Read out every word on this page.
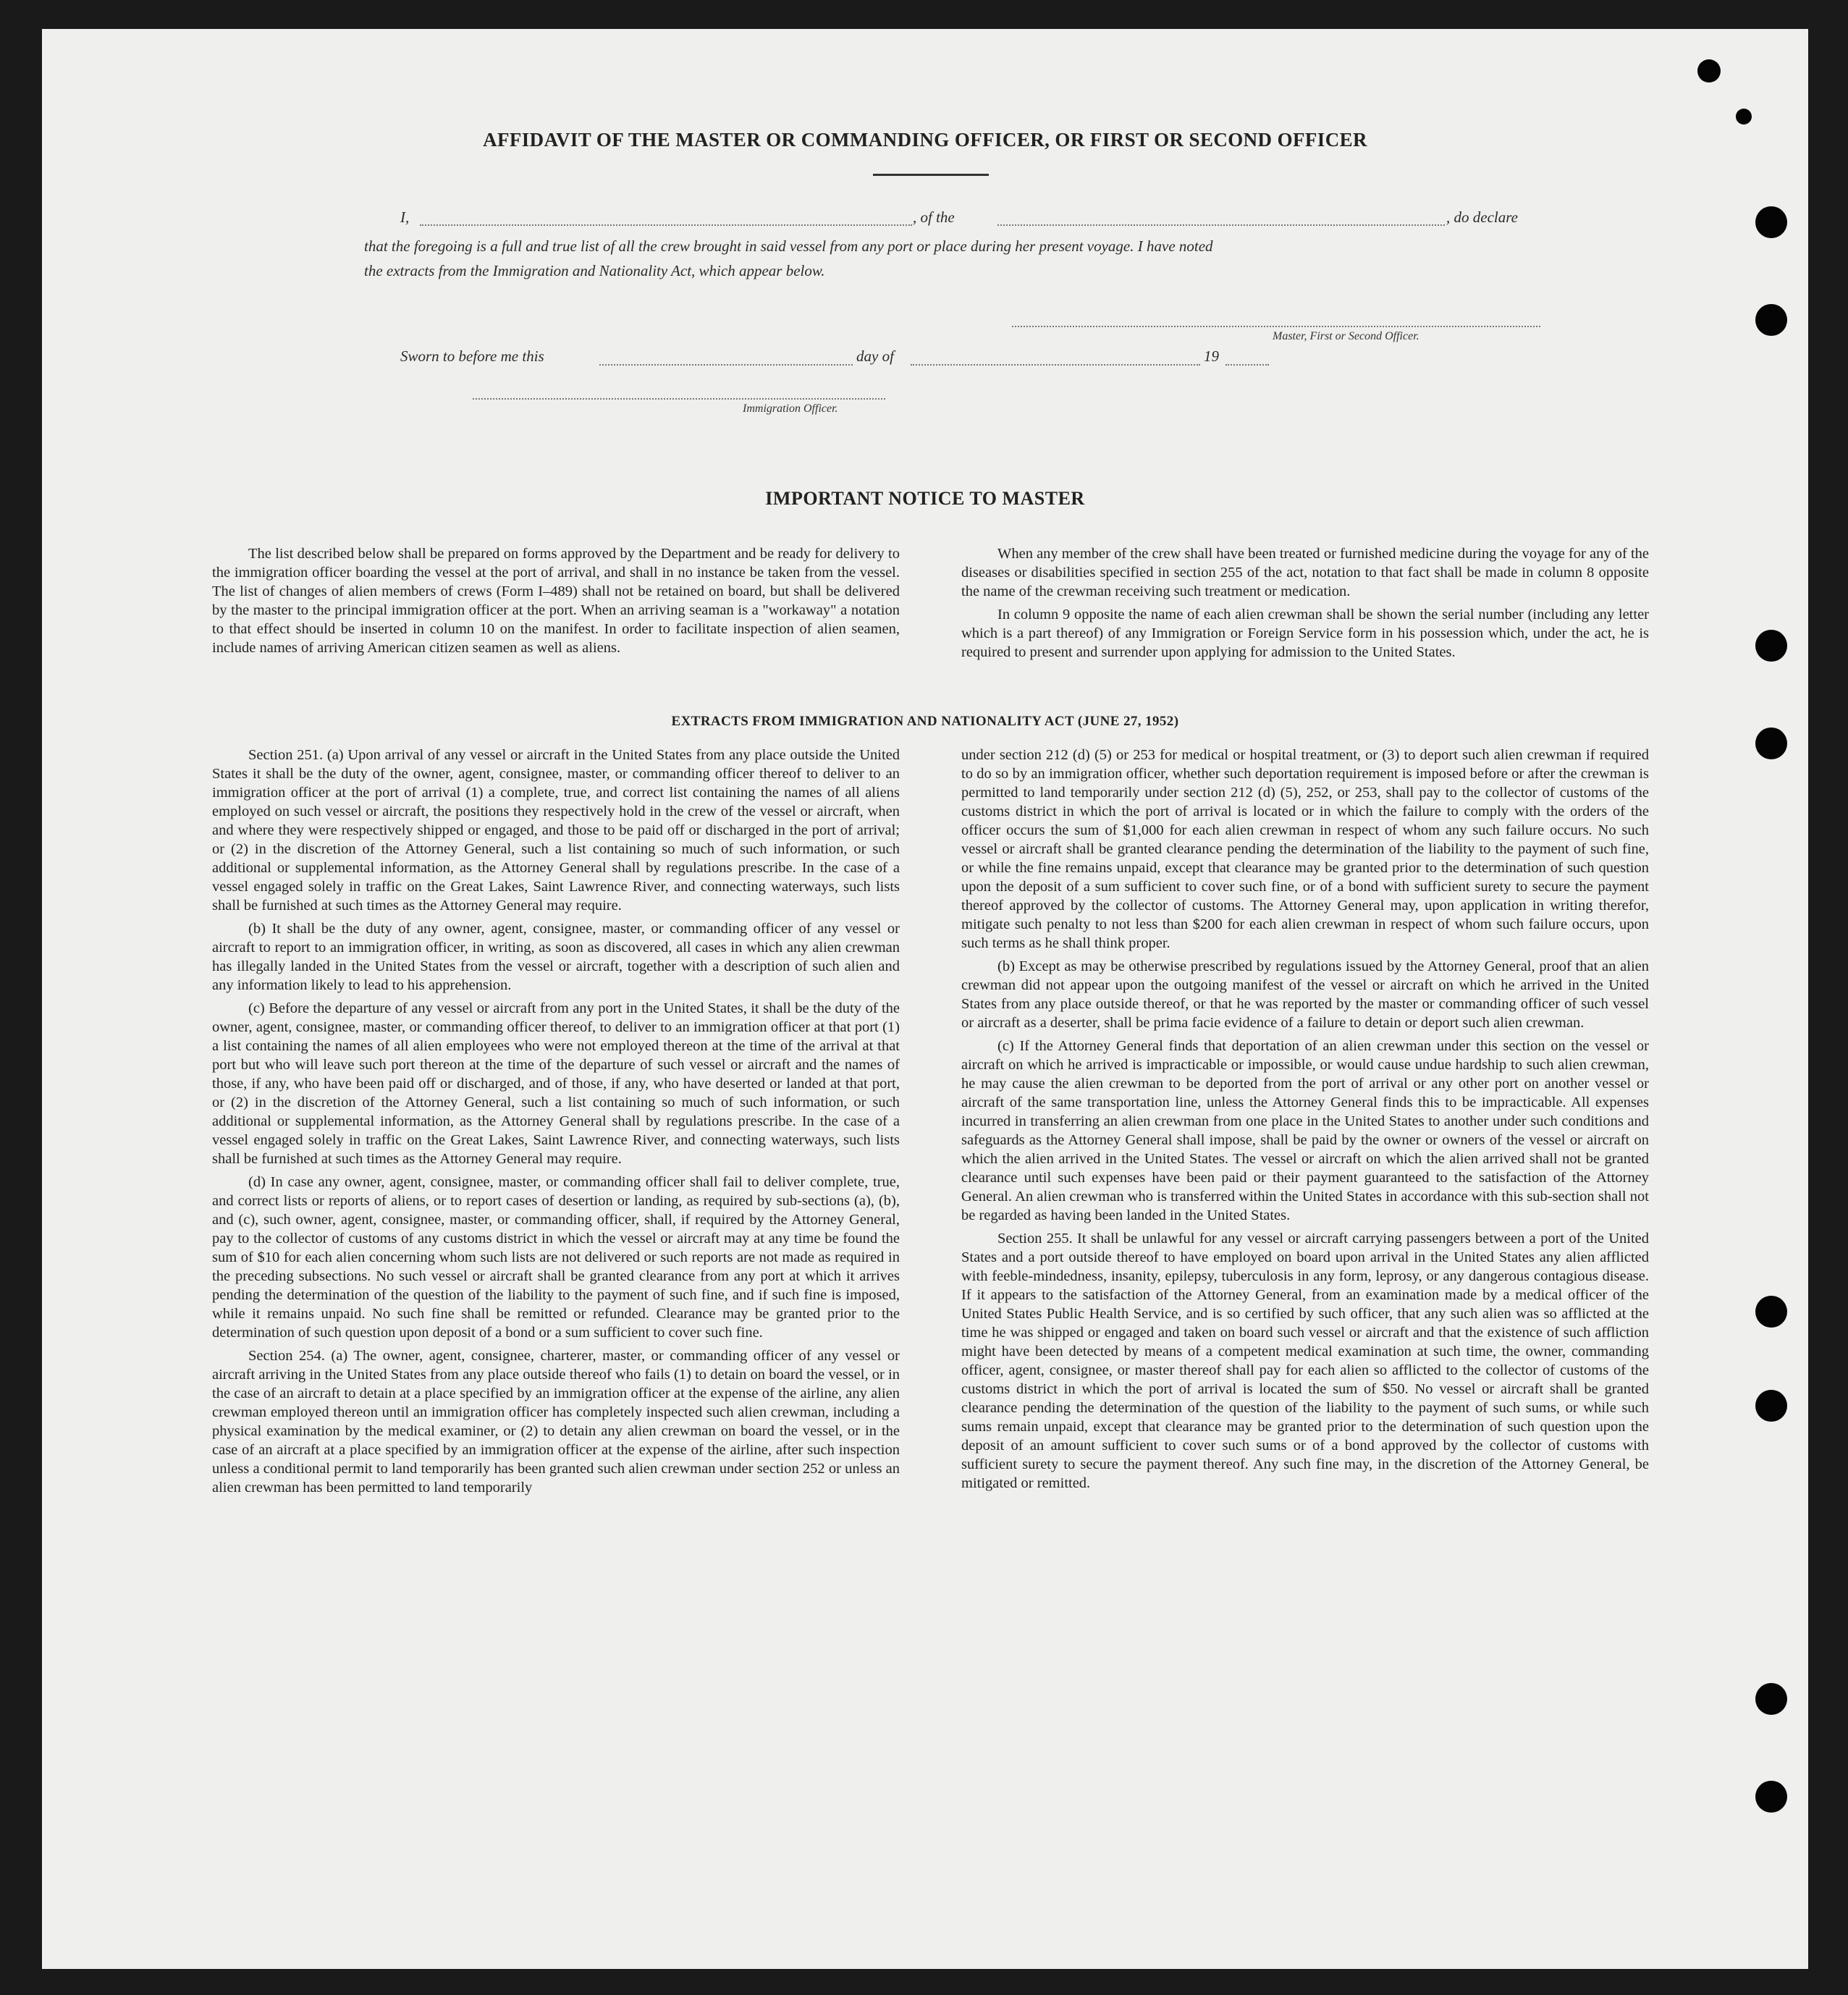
AFFIDAVIT OF THE MASTER OR COMMANDING OFFICER, OR FIRST OR SECOND OFFICER
I,	, of the	, do declare
that the foregoing is a full and true list of all the crew brought in said vessel from any port or place during her present voyage. I have noted
the extracts from the Immigration and Nationality Act, which appear below.
Master, First or Second Officer.
Sworn to before me this	day of	19
Immigration Officer.
IMPORTANT NOTICE TO MASTER

The list described below shall be prepared on forms approved by the Department and be ready for delivery to the immigration officer boarding the vessel at the port of arrival, and shall in no instance be taken from the vessel. The list of changes of alien members of crews (Form I–489) shall not be retained on board, but shall be delivered by the master to the principal immigration officer at the port. When an arriving seaman is a "workaway" a notation to that effect should be inserted in column 10 on the manifest. In order to facilitate inspection of alien seamen, include names of arriving American citizen seamen as well as aliens.

When any member of the crew shall have been treated or furnished medicine during the voyage for any of the diseases or disabilities specified in section 255 of the act, notation to that fact shall be made in column 8 opposite the name of the crewman receiving such treatment or medication.

In column 9 opposite the name of each alien crewman shall be shown the serial number (including any letter which is a part thereof) of any Immigration or Foreign Service form in his possession which, under the act, he is required to present and surrender upon applying for admission to the United States.

EXTRACTS FROM IMMIGRATION AND NATIONALITY ACT (JUNE 27, 1952)

Section 251. (a) Upon arrival of any vessel or aircraft in the United States from any place outside the United States it shall be the duty of the owner, agent, consignee, master, or commanding officer thereof to deliver to an immigration officer at the port of arrival (1) a complete, true, and correct list containing the names of all aliens employed on such vessel or aircraft, the positions they respectively hold in the crew of the vessel or aircraft, when and where they were respectively shipped or engaged, and those to be paid off or discharged in the port of arrival; or (2) in the discretion of the Attorney General, such a list containing so much of such information, or such additional or supplemental information, as the Attorney General shall by regulations prescribe. In the case of a vessel engaged solely in traffic on the Great Lakes, Saint Lawrence River, and connecting waterways, such lists shall be furnished at such times as the Attorney General may require.

(b) It shall be the duty of any owner, agent, consignee, master, or commanding officer of any vessel or aircraft to report to an immigration officer, in writing, as soon as discovered, all cases in which any alien crewman has illegally landed in the United States from the vessel or aircraft, together with a description of such alien and any information likely to lead to his apprehension.

(c) Before the departure of any vessel or aircraft from any port in the United States, it shall be the duty of the owner, agent, consignee, master, or commanding officer thereof, to deliver to an immigration officer at that port (1) a list containing the names of all alien employees who were not employed thereon at the time of the arrival at that port but who will leave such port thereon at the time of the departure of such vessel or aircraft and the names of those, if any, who have been paid off or discharged, and of those, if any, who have deserted or landed at that port, or (2) in the discretion of the Attorney General, such a list containing so much of such information, or such additional or supplemental information, as the Attorney General shall by regulations prescribe. In the case of a vessel engaged solely in traffic on the Great Lakes, Saint Lawrence River, and connecting waterways, such lists shall be furnished at such times as the Attorney General may require.

(d) In case any owner, agent, consignee, master, or commanding officer shall fail to deliver complete, true, and correct lists or reports of aliens, or to report cases of desertion or landing, as required by sub-sections (a), (b), and (c), such owner, agent, consignee, master, or commanding officer, shall, if required by the Attorney General, pay to the collector of customs of any customs district in which the vessel or aircraft may at any time be found the sum of $10 for each alien concerning whom such lists are not delivered or such reports are not made as required in the preceding subsections. No such vessel or aircraft shall be granted clearance from any port at which it arrives pending the determination of the question of the liability to the payment of such fine, and if such fine is imposed, while it remains unpaid. No such fine shall be remitted or refunded. Clearance may be granted prior to the determination of such question upon deposit of a bond or a sum sufficient to cover such fine.

Section 254. (a) The owner, agent, consignee, charterer, master, or commanding officer of any vessel or aircraft arriving in the United States from any place outside thereof who fails (1) to detain on board the vessel, or in the case of an aircraft to detain at a place specified by an immigration officer at the expense of the airline, any alien crewman employed thereon until an immigration officer has completely inspected such alien crewman, including a physical examination by the medical examiner, or (2) to detain any alien crewman on board the vessel, or in the case of an aircraft at a place specified by an immigration officer at the expense of the airline, after such inspection unless a conditional permit to land temporarily has been granted such alien crewman under section 252 or unless an alien crewman has been permitted to land temporarily

under section 212 (d) (5) or 253 for medical or hospital treatment, or (3) to deport such alien crewman if required to do so by an immigration officer, whether such deportation requirement is imposed before or after the crewman is permitted to land temporarily under section 212 (d) (5), 252, or 253, shall pay to the collector of customs of the customs district in which the port of arrival is located or in which the failure to comply with the orders of the officer occurs the sum of $1,000 for each alien crewman in respect of whom any such failure occurs. No such vessel or aircraft shall be granted clearance pending the determination of the liability to the payment of such fine, or while the fine remains unpaid, except that clearance may be granted prior to the determination of such question upon the deposit of a sum sufficient to cover such fine, or of a bond with sufficient surety to secure the payment thereof approved by the collector of customs. The Attorney General may, upon application in writing therefor, mitigate such penalty to not less than $200 for each alien crewman in respect of whom such failure occurs, upon such terms as he shall think proper.

(b) Except as may be otherwise prescribed by regulations issued by the Attorney General, proof that an alien crewman did not appear upon the outgoing manifest of the vessel or aircraft on which he arrived in the United States from any place outside thereof, or that he was reported by the master or commanding officer of such vessel or aircraft as a deserter, shall be prima facie evidence of a failure to detain or deport such alien crewman.

(c) If the Attorney General finds that deportation of an alien crewman under this section on the vessel or aircraft on which he arrived is impracticable or impossible, or would cause undue hardship to such alien crewman, he may cause the alien crewman to be deported from the port of arrival or any other port on another vessel or aircraft of the same transportation line, unless the Attorney General finds this to be impracticable. All expenses incurred in transferring an alien crewman from one place in the United States to another under such conditions and safeguards as the Attorney General shall impose, shall be paid by the owner or owners of the vessel or aircraft on which the alien arrived in the United States. The vessel or aircraft on which the alien arrived shall not be granted clearance until such expenses have been paid or their payment guaranteed to the satisfaction of the Attorney General. An alien crewman who is transferred within the United States in accordance with this sub-section shall not be regarded as having been landed in the United States.

Section 255. It shall be unlawful for any vessel or aircraft carrying passengers between a port of the United States and a port outside thereof to have employed on board upon arrival in the United States any alien afflicted with feeble-mindedness, insanity, epilepsy, tuberculosis in any form, leprosy, or any dangerous contagious disease. If it appears to the satisfaction of the Attorney General, from an examination made by a medical officer of the United States Public Health Service, and is so certified by such officer, that any such alien was so afflicted at the time he was shipped or engaged and taken on board such vessel or aircraft and that the existence of such affliction might have been detected by means of a competent medical examination at such time, the owner, commanding officer, agent, consignee, or master thereof shall pay for each alien so afflicted to the collector of customs of the customs district in which the port of arrival is located the sum of $50. No vessel or aircraft shall be granted clearance pending the determination of the question of the liability to the payment of such sums, or while such sums remain unpaid, except that clearance may be granted prior to the determination of such question upon the deposit of an amount sufficient to cover such sums or of a bond approved by the collector of customs with sufficient surety to secure the payment thereof. Any such fine may, in the discretion of the Attorney General, be mitigated or remitted.
